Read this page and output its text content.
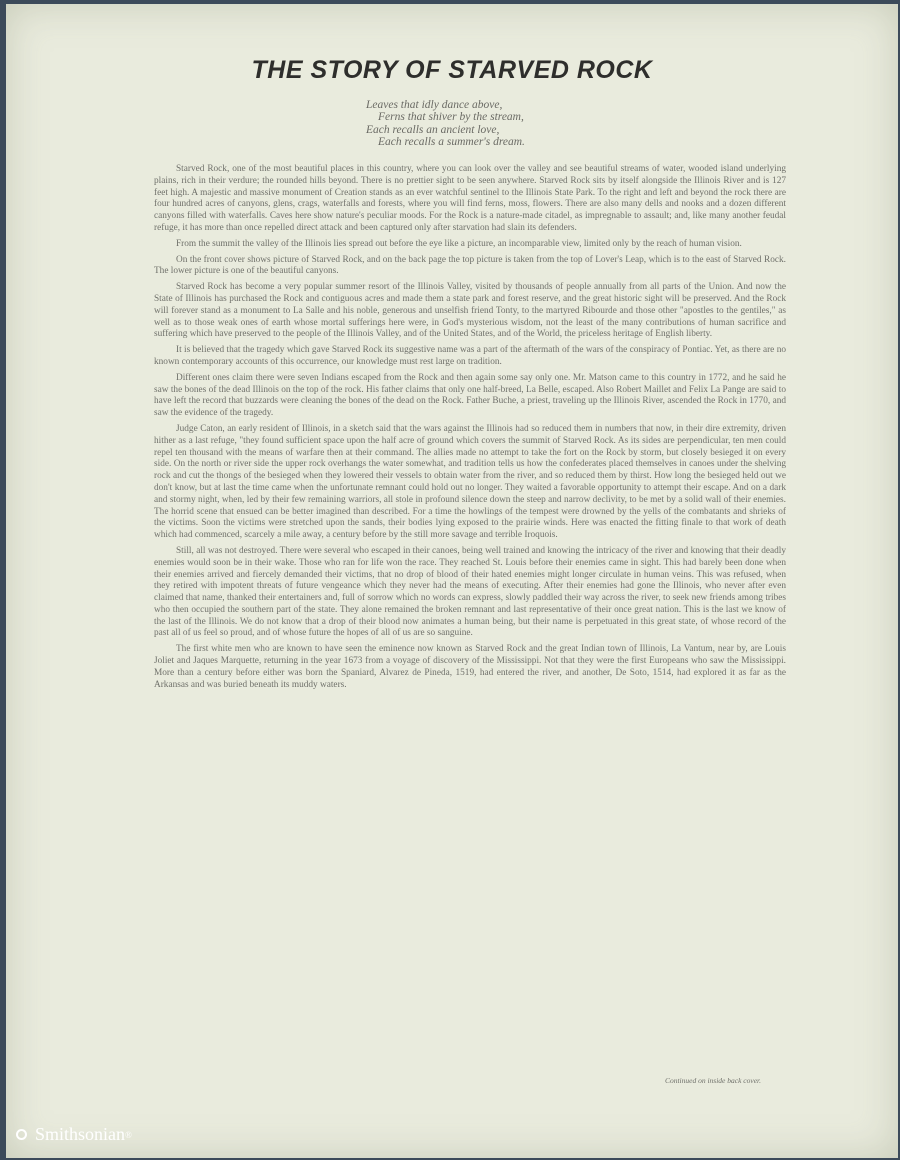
THE STORY OF STARVED ROCK
Leaves that idly dance above,
Ferns that shiver by the stream,
Each recalls an ancient love,
Each recalls a summer's dream.

Starved Rock, one of the most beautiful places in this country, where you can look over the valley and see beautiful streams of water, wooded island underlying plains, rich in their verdure; the rounded hills beyond. There is no prettier sight to be seen anywhere. Starved Rock sits by itself alongside the Illinois River and is 127 feet high. A majestic and massive monument of Creation stands as an ever watchful sentinel to the Illinois State Park. To the right and left and beyond the rock there are four hundred acres of canyons, glens, crags, waterfalls and forests, where you will find ferns, moss, flowers. There are also many dells and nooks and a dozen different canyons filled with waterfalls. Caves here show nature's peculiar moods. For the Rock is a nature-made citadel, as impregnable to assault; and, like many another feudal refuge, it has more than once repelled direct attack and been captured only after starvation had slain its defenders.

From the summit the valley of the Illinois lies spread out before the eye like a picture, an incomparable view, limited only by the reach of human vision.

On the front cover shows picture of Starved Rock, and on the back page the top picture is taken from the top of Lover's Leap, which is to the east of Starved Rock. The lower picture is one of the beautiful canyons.

Starved Rock has become a very popular summer resort of the Illinois Valley, visited by thousands of people annually from all parts of the Union. And now the State of Illinois has purchased the Rock and contiguous acres and made them a state park and forest reserve, and the great historic sight will be preserved. And the Rock will forever stand as a monument to La Salle and his noble, generous and unselfish friend Tonty, to the martyred Ribourde and those other "apostles to the gentiles," as well as to those weak ones of earth whose mortal sufferings here were, in God's mysterious wisdom, not the least of the many contributions of human sacrifice and suffering which have preserved to the people of the Illinois Valley, and of the United States, and of the World, the priceless heritage of English liberty.

It is believed that the tragedy which gave Starved Rock its suggestive name was a part of the aftermath of the wars of the conspiracy of Pontiac. Yet, as there are no known contemporary accounts of this occurrence, our knowledge must rest large on tradition.

Different ones claim there were seven Indians escaped from the Rock and then again some say only one. Mr. Matson came to this country in 1772, and he said he saw the bones of the dead Illinois on the top of the rock. His father claims that only one half-breed, La Belle, escaped. Also Robert Maillet and Felix La Pange are said to have left the record that buzzards were cleaning the bones of the dead on the Rock. Father Buche, a priest, traveling up the Illinois River, ascended the Rock in 1770, and saw the evidence of the tragedy.

Judge Caton, an early resident of Illinois, in a sketch said that the wars against the Illinois had so reduced them in numbers that now, in their dire extremity, driven hither as a last refuge, "they found sufficient space upon the half acre of ground which covers the summit of Starved Rock. As its sides are perpendicular, ten men could repel ten thousand with the means of warfare then at their command. The allies made no attempt to take the fort on the Rock by storm, but closely besieged it on every side. On the north or river side the upper rock overhangs the water somewhat, and tradition tells us how the confederates placed themselves in canoes under the shelving rock and cut the thongs of the besieged when they lowered their vessels to obtain water from the river, and so reduced them by thirst. How long the besieged held out we don't know, but at last the time came when the unfortunate remnant could hold out no longer. They waited a favorable opportunity to attempt their escape. And on a dark and stormy night, when, led by their few remaining warriors, all stole in profound silence down the steep and narrow declivity, to be met by a solid wall of their enemies. The horrid scene that ensued can be better imagined than described. For a time the howlings of the tempest were drowned by the yells of the combatants and shrieks of the victims. Soon the victims were stretched upon the sands, their bodies lying exposed to the prairie winds. Here was enacted the fitting finale to that work of death which had commenced, scarcely a mile away, a century before by the still more savage and terrible Iroquois.

Still, all was not destroyed. There were several who escaped in their canoes, being well trained and knowing the intricacy of the river and knowing that their deadly enemies would soon be in their wake. Those who ran for life won the race. They reached St. Louis before their enemies came in sight. This had barely been done when their enemies arrived and fiercely demanded their victims, that no drop of blood of their hated enemies might longer circulate in human veins. This was refused, when they retired with impotent threats of future vengeance which they never had the means of executing. After their enemies had gone the Illinois, who never after even claimed that name, thanked their entertainers and, full of sorrow which no words can express, slowly paddled their way across the river, to seek new friends among tribes who then occupied the southern part of the state. They alone remained the broken remnant and last representative of their once great nation. This is the last we know of the last of the Illinois. We do not know that a drop of their blood now animates a human being, but their name is perpetuated in this great state, of whose record of the past all of us feel so proud, and of whose future the hopes of all of us are so sanguine.

The first white men who are known to have seen the eminence now known as Starved Rock and the great Indian town of Illinois, La Vantum, near by, are Louis Joliet and Jaques Marquette, returning in the year 1673 from a voyage of discovery of the Mississippi. Not that they were the first Europeans who saw the Mississippi. More than a century before either was born the Spaniard, Alvarez de Pineda, 1519, had entered the river, and another, De Soto, 1514, had explored it as far as the Arkansas and was buried beneath its muddy waters.

Continued on inside back cover.
Smithsonian ®
